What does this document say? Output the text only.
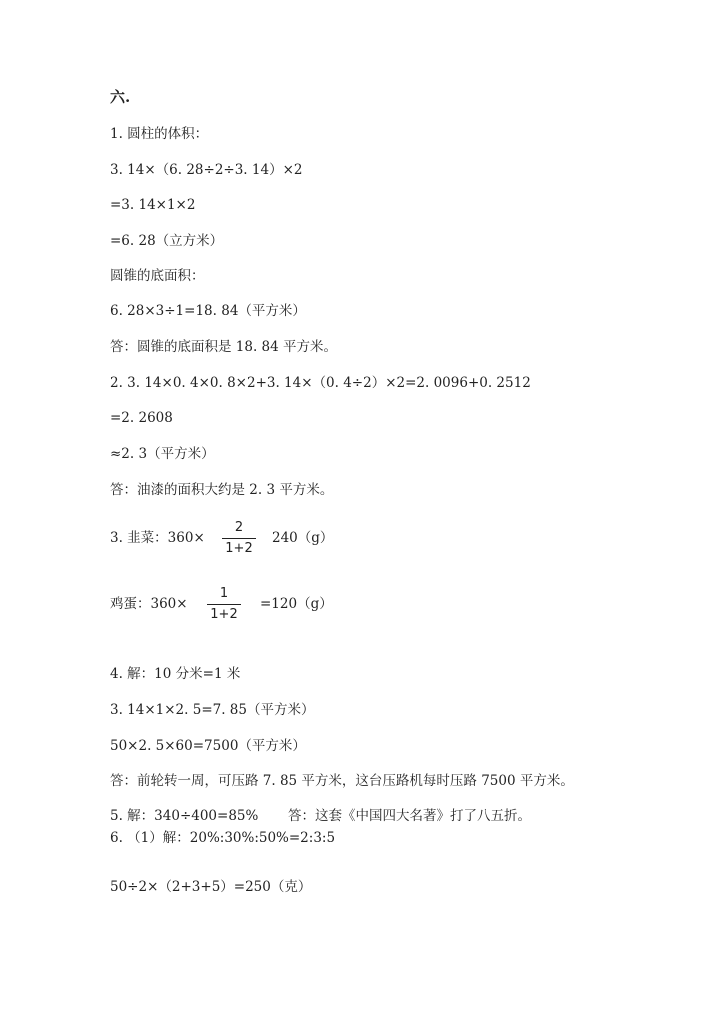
六.
1. 圆柱的体积：
3. 14×（6. 28÷2÷3. 14）×2
=3. 14×1×2
=6. 28（立方米）
圆锥的底面积：
6. 28×3÷1=18. 84（平方米）
答：圆锥的底面积是 18. 84 平方米。
2. 3. 14×0. 4×0. 8×2+3. 14×（0. 4÷2）×2=2. 0096+0. 2512
=2. 2608
≈2. 3（平方米）
答：油漆的面积大约是 2. 3 平方米。
3. 韭菜：360×
2
1+2
240（g）
鸡蛋：360×
1
1+2
=120（g）
4. 解：10 分米=1 米
3. 14×1×2. 5=7. 85（平方米）
50×2. 5×60=7500（平方米）
答：前轮转一周，可压路 7. 85 平方米，这台压路机每时压路 7500 平方米。
5. 解：340÷400=85% 答：这套《中国四大名著》打了八五折。
6. （1）解：20%:30%:50%=2:3:5
50÷2×（2+3+5）=250（克）
